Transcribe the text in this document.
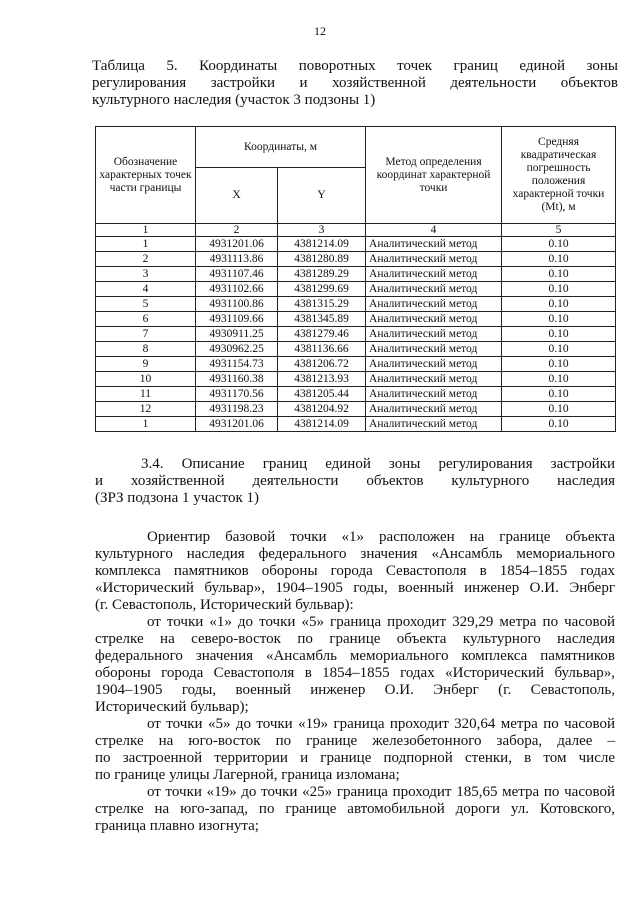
12
Таблица 5. Координаты поворотных точек границ единой зоны
регулирования застройки и хозяйственной деятельности объектов
культурного наследия (участок 3 подзоны 1)
Обозначение характерных точек части границы	Координаты, м		Метод определения координат характерной точки	Средняя квадратическая погрешность положения характерной точки (Mt), м
	X	Y		
1	2	3	4	5
1	4931201.06	4381214.09	Аналитический метод	0.10
2	4931113.86	4381280.89	Аналитический метод	0.10
3	4931107.46	4381289.29	Аналитический метод	0.10
4	4931102.66	4381299.69	Аналитический метод	0.10
5	4931100.86	4381315.29	Аналитический метод	0.10
6	4931109.66	4381345.89	Аналитический метод	0.10
7	4930911.25	4381279.46	Аналитический метод	0.10
8	4930962.25	4381136.66	Аналитический метод	0.10
9	4931154.73	4381206.72	Аналитический метод	0.10
10	4931160.38	4381213.93	Аналитический метод	0.10
11	4931170.56	4381205.44	Аналитический метод	0.10
12	4931198.23	4381204.92	Аналитический метод	0.10
1	4931201.06	4381214.09	Аналитический метод	0.10
3.4. Описание границ единой зоны регулирования застройки
и хозяйственной деятельности объектов культурного наследия
(ЗРЗ подзона 1 участок 1)
Ориентир базовой точки «1» расположен на границе объекта
культурного наследия федерального значения «Ансамбль мемориального
комплекса памятников обороны города Севастополя в 1854–1855 годах
«Исторический бульвар», 1904–1905 годы, военный инженер О.И. Энберг
(г. Севастополь, Исторический бульвар):
от точки «1» до точки «5» граница проходит 329,29 метра по часовой
стрелке на северо-восток по границе объекта культурного наследия
федерального значения «Ансамбль мемориального комплекса памятников
обороны города Севастополя в 1854–1855 годах «Исторический бульвар»,
1904–1905 годы, военный инженер О.И. Энберг (г. Севастополь,
Исторический бульвар);
от точки «5» до точки «19» граница проходит 320,64 метра по часовой
стрелке на юго-восток по границе железобетонного забора, далее –
по застроенной территории и границе подпорной стенки, в том числе
по границе улицы Лагерной, граница изломана;
от точки «19» до точки «25» граница проходит 185,65 метра по часовой
стрелке на юго-запад, по границе автомобильной дороги ул. Котовского,
граница плавно изогнута;
